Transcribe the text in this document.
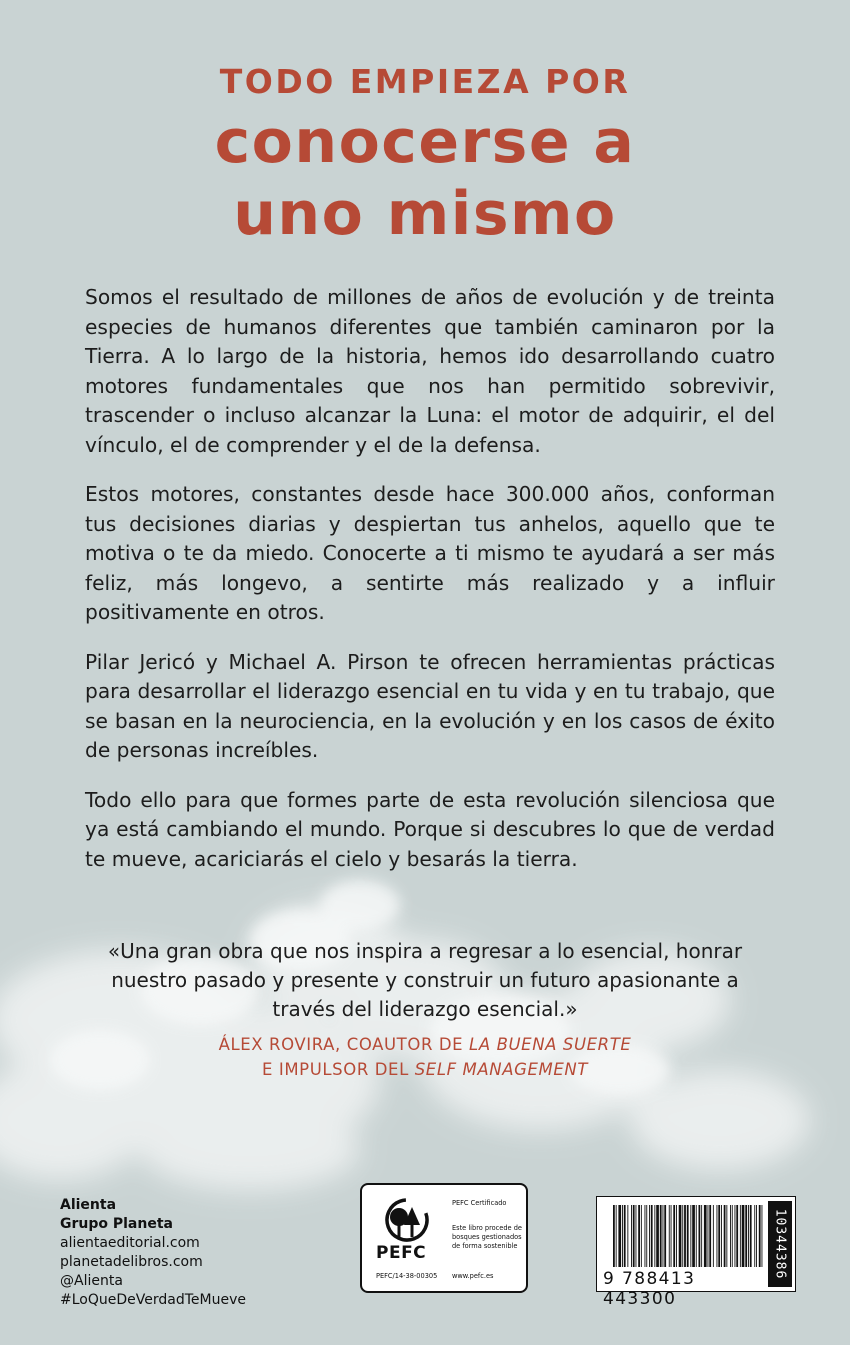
TODO EMPIEZA POR
conocerse a
uno mismo

Somos el resultado de millones de años de evolución y de treinta especies de humanos diferentes que también caminaron por la Tierra. A lo largo de la historia, hemos ido desarrollando cuatro motores fundamentales que nos han permitido sobrevivir, trascender o incluso alcanzar la Luna: el motor de adquirir, el del vínculo, el de comprender y el de la defensa.

Estos motores, constantes desde hace 300.000 años, conforman tus decisiones diarias y despiertan tus anhelos, aquello que te motiva o te da miedo. Conocerte a ti mismo te ayudará a ser más feliz, más longevo, a sentirte más realizado y a influir positivamente en otros.

Pilar Jericó y Michael A. Pirson te ofrecen herramientas prácticas para desarrollar el liderazgo esencial en tu vida y en tu trabajo, que se basan en la neurociencia, en la evolución y en los casos de éxito de personas increíbles.

Todo ello para que formes parte de esta revolución silenciosa que ya está cambiando el mundo. Porque si descubres lo que de verdad te mueve, acariciarás el cielo y besarás la tierra.

«Una gran obra que nos inspira a regresar a lo esencial, honrar nuestro pasado y presente y construir un futuro apasionante a través del liderazgo esencial.»
ÁLEX ROVIRA, COAUTOR DE LA BUENA SUERTE
E IMPULSOR DEL SELF MANAGEMENT
Alienta
Grupo Planeta
alientaeditorial.com
planetadelibros.com
@Alienta
#LoQueDeVerdadTeMueve
PEFC
PEFC Certificado
Este libro procede de
bosques gestionados
de forma sostenible
PEFC/14-38-00305 www.pefc.es	9 788413 443300
10344386
